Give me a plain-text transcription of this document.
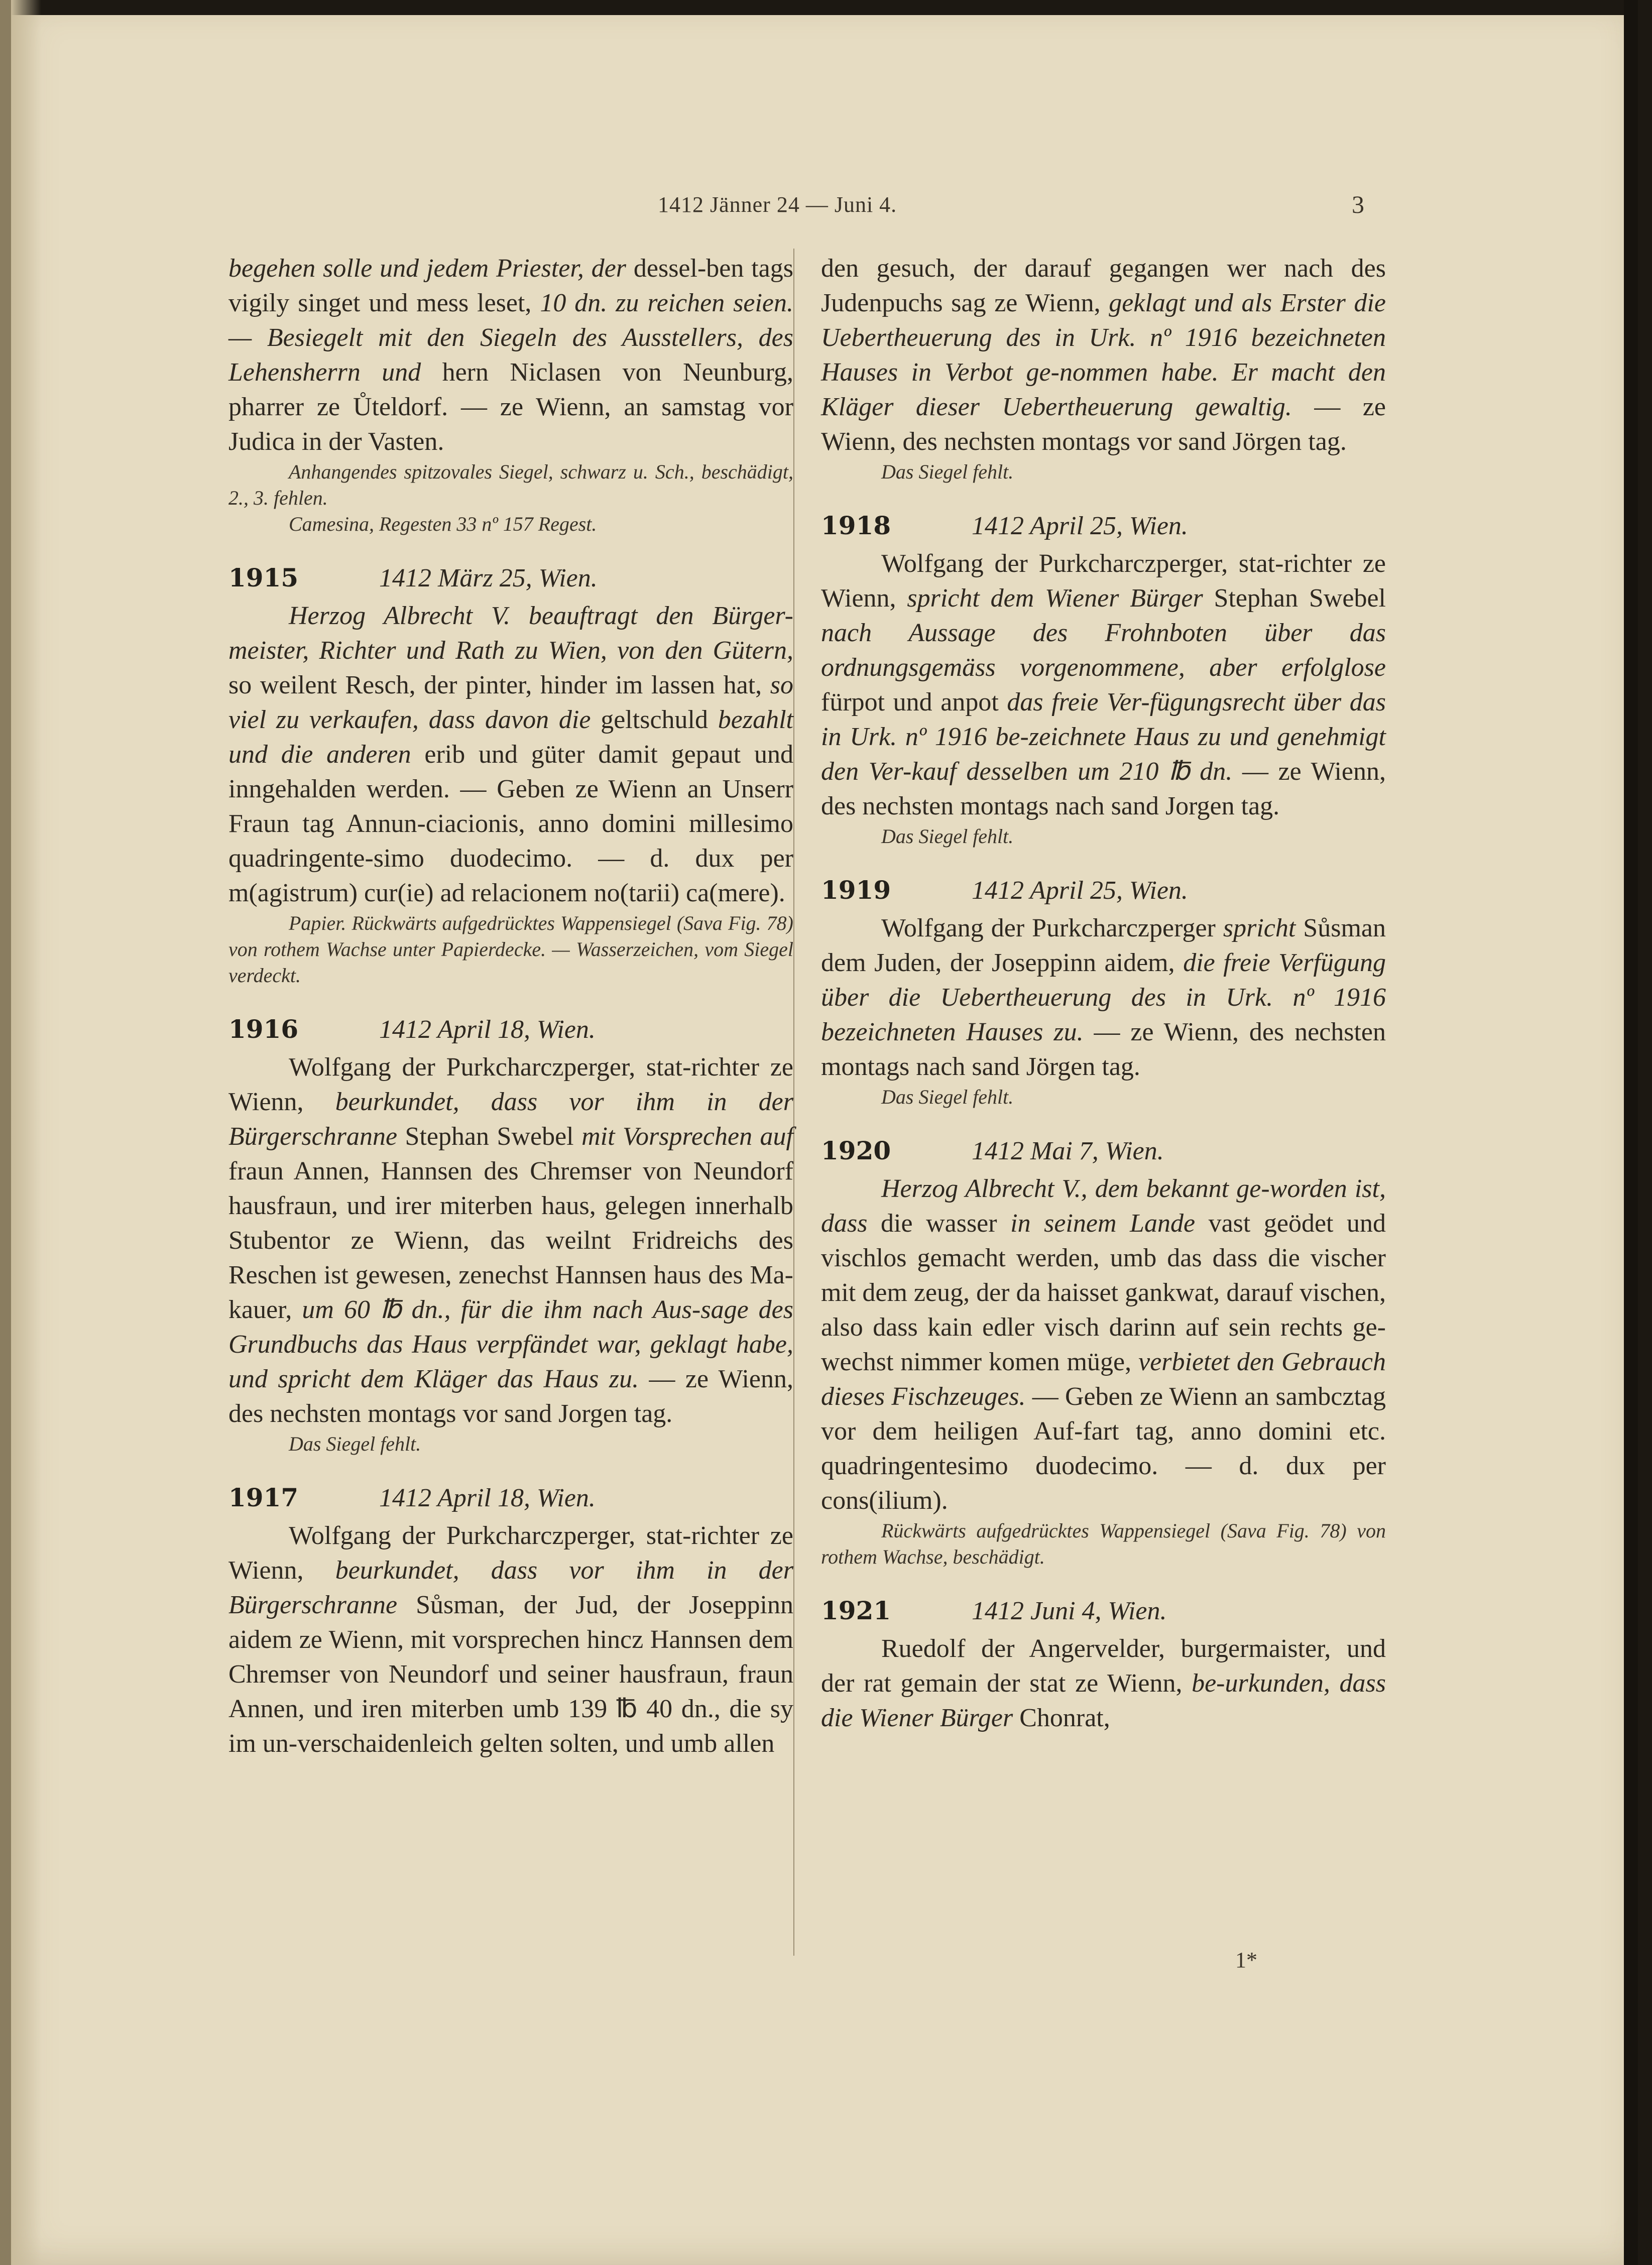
1412 Jänner 24 — Juni 4.	3

begehen solle und jedem Priester, der dessel-ben tags vigily singet und mess leset, 10 dn. zu reichen seien. — Besiegelt mit den Siegeln des Ausstellers, des Lehensherrn und hern Niclasen von Neunburg, pharrer ze Ůteldorf. — ze Wienn, an samstag vor Judica in der Vasten.

Anhangendes spitzovales Siegel, schwarz u. Sch., beschädigt, 2., 3. fehlen.

Camesina, Regesten 33 nº 157 Regest.

1915	1412 März 25, Wien.

Herzog Albrecht V. beauftragt den Bürger-meister, Richter und Rath zu Wien, von den Gütern, so weilent Resch, der pinter, hinder im lassen hat, so viel zu verkaufen, dass davon die geltschuld bezahlt und die anderen erib und güter damit gepaut und inngehalden werden. — Geben ze Wienn an Unserr Fraun tag Annun-ciacionis, anno domini millesimo quadringente-simo duodecimo. — d. dux per m(agistrum) cur(ie) ad relacionem no(tarii) ca(mere).

Papier. Rückwärts aufgedrücktes Wappensiegel (Sava Fig. 78) von rothem Wachse unter Papierdecke. — Wasserzeichen, vom Siegel verdeckt.

1916	1412 April 18, Wien.

Wolfgang der Purkcharczperger, stat-richter ze Wienn, beurkundet, dass vor ihm in der Bürgerschranne Stephan Swebel mit Vorsprechen auf fraun Annen, Hannsen des Chremser von Neundorf hausfraun, und irer miterben haus, gelegen innerhalb Stubentor ze Wienn, das weilnt Fridreichs des Reschen ist gewesen, zenechst Hannsen haus des Ma-kauer, um 60 ℔ dn., für die ihm nach Aus-sage des Grundbuchs das Haus verpfändet war, geklagt habe, und spricht dem Kläger das Haus zu. — ze Wienn, des nechsten montags vor sand Jorgen tag.

Das Siegel fehlt.

1917	1412 April 18, Wien.

Wolfgang der Purkcharczperger, stat-richter ze Wienn, beurkundet, dass vor ihm in der Bürgerschranne Sůsman, der Jud, der Joseppinn aidem ze Wienn, mit vorsprechen hincz Hannsen dem Chremser von Neundorf und seiner hausfraun, fraun Annen, und iren miterben umb 139 ℔ 40 dn., die sy im un-verschaidenleich gelten solten, und umb allen

den gesuch, der darauf gegangen wer nach des Judenpuchs sag ze Wienn, geklagt und als Erster die Uebertheuerung des in Urk. nº 1916 bezeichneten Hauses in Verbot ge-nommen habe. Er macht den Kläger dieser Uebertheuerung gewaltig. — ze Wienn, des nechsten montags vor sand Jörgen tag.

Das Siegel fehlt.

1918	1412 April 25, Wien.

Wolfgang der Purkcharczperger, stat-richter ze Wienn, spricht dem Wiener Bürger Stephan Swebel nach Aussage des Frohnboten über das ordnungsgemäss vorgenommene, aber erfolglose fürpot und anpot das freie Ver-fügungsrecht über das in Urk. nº 1916 be-zeichnete Haus zu und genehmigt den Ver-kauf desselben um 210 ℔ dn. — ze Wienn, des nechsten montags nach sand Jorgen tag.

Das Siegel fehlt.

1919	1412 April 25, Wien.

Wolfgang der Purkcharczperger spricht Sůsman dem Juden, der Joseppinn aidem, die freie Verfügung über die Uebertheuerung des in Urk. nº 1916 bezeichneten Hauses zu. — ze Wienn, des nechsten montags nach sand Jörgen tag.

Das Siegel fehlt.

1920	1412 Mai 7, Wien.

Herzog Albrecht V., dem bekannt ge-worden ist, dass die wasser in seinem Lande vast geödet und vischlos gemacht werden, umb das dass die vischer mit dem zeug, der da haisset gankwat, darauf vischen, also dass kain edler visch darinn auf sein rechts ge-wechst nimmer komen müge, verbietet den Gebrauch dieses Fischzeuges. — Geben ze Wienn an sambcztag vor dem heiligen Auf-fart tag, anno domini etc. quadringentesimo duodecimo. — d. dux per cons(ilium).

Rückwärts aufgedrücktes Wappensiegel (Sava Fig. 78) von rothem Wachse, beschädigt.

1921	1412 Juni 4, Wien.

Ruedolf der Angervelder, burgermaister, und der rat gemain der stat ze Wienn, be-urkunden, dass die Wiener Bürger Chonrat,

1*
